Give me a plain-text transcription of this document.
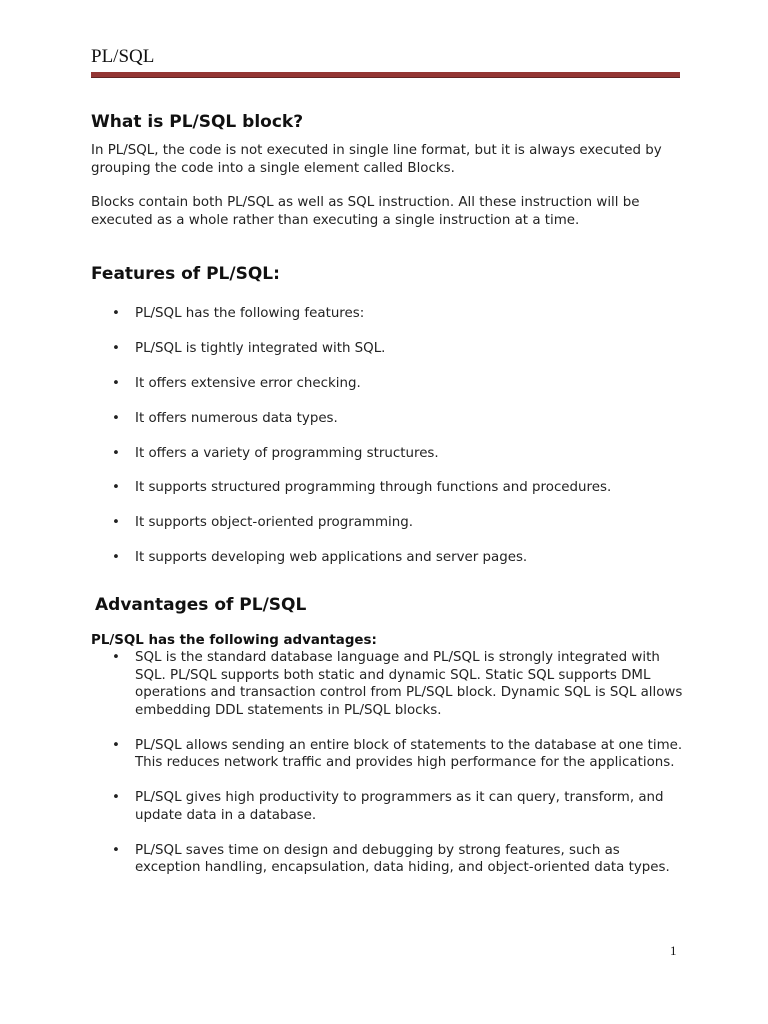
PL/SQL
What is PL/SQL block?

In PL/SQL, the code is not executed in single line format, but it is always executed by grouping the code into a single element called Blocks.

Blocks contain both PL/SQL as well as SQL instruction. All these instruction will be executed as a whole rather than executing a single instruction at a time.

Features of PL/SQL:
• PL/SQL has the following features:
• PL/SQL is tightly integrated with SQL.
• It offers extensive error checking.
• It offers numerous data types.
• It offers a variety of programming structures.
• It supports structured programming through functions and procedures.
• It supports object-oriented programming.
• It supports developing web applications and server pages.
Advantages of PL/SQL
PL/SQL has the following advantages:
• SQL is the standard database language and PL/SQL is strongly integrated with SQL. PL/SQL supports both static and dynamic SQL. Static SQL supports DML operations and transaction control from PL/SQL block. Dynamic SQL is SQL allows embedding DDL statements in PL/SQL blocks.
• PL/SQL allows sending an entire block of statements to the database at one time. This reduces network traffic and provides high performance for the applications.
• PL/SQL gives high productivity to programmers as it can query, transform, and update data in a database.
• PL/SQL saves time on design and debugging by strong features, such as exception handling, encapsulation, data hiding, and object-oriented data types.
1
